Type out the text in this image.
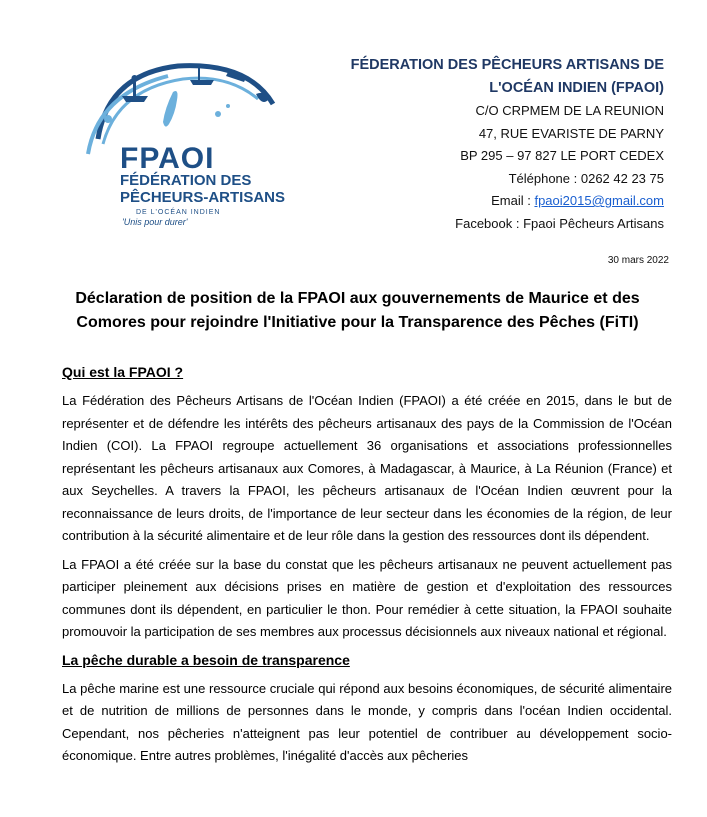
FPAOI
FÉDÉRATION DES
PÊCHEURS-ARTISANS
DE L'OCÉAN INDIEN
'Unis pour durer'
FÉDERATION DES PÊCHEURS ARTISANS DE
L'OCÉAN INDIEN (FPAOI)
C/O CRPMEM DE LA REUNION
47, RUE EVARISTE DE PARNY
BP 295 – 97 827 LE PORT CEDEX
Téléphone : 0262 42 23 75
Email : fpaoi2015@gmail.com
Facebook : Fpaoi Pêcheurs Artisans
30 mars 2022
Déclaration de position de la FPAOI aux gouvernements de Maurice et des Comores pour rejoindre l'Initiative pour la Transparence des Pêches (FiTI)
Qui est la FPAOI ?

La Fédération des Pêcheurs Artisans de l'Océan Indien (FPAOI) a été créée en 2015, dans le but de représenter et de défendre les intérêts des pêcheurs artisanaux des pays de la Commission de l'Océan Indien (COI). La FPAOI regroupe actuellement 36 organisations et associations professionnelles représentant les pêcheurs artisanaux aux Comores, à Madagascar, à Maurice, à La Réunion (France) et aux Seychelles. A travers la FPAOI, les pêcheurs artisanaux de l'Océan Indien œuvrent pour la reconnaissance de leurs droits, de l'importance de leur secteur dans les économies de la région, de leur contribution à la sécurité alimentaire et de leur rôle dans la gestion des ressources dont ils dépendent.

La FPAOI a été créée sur la base du constat que les pêcheurs artisanaux ne peuvent actuellement pas participer pleinement aux décisions prises en matière de gestion et d'exploitation des ressources communes dont ils dépendent, en particulier le thon. Pour remédier à cette situation, la FPAOI souhaite promouvoir la participation de ses membres aux processus décisionnels aux niveaux national et régional.

La pêche durable a besoin de transparence

La pêche marine est une ressource cruciale qui répond aux besoins économiques, de sécurité alimentaire et de nutrition de millions de personnes dans le monde, y compris dans l'océan Indien occidental. Cependant, nos pêcheries n'atteignent pas leur potentiel de contribuer au développement socio-économique. Entre autres problèmes, l'inégalité d'accès aux pêcheries
